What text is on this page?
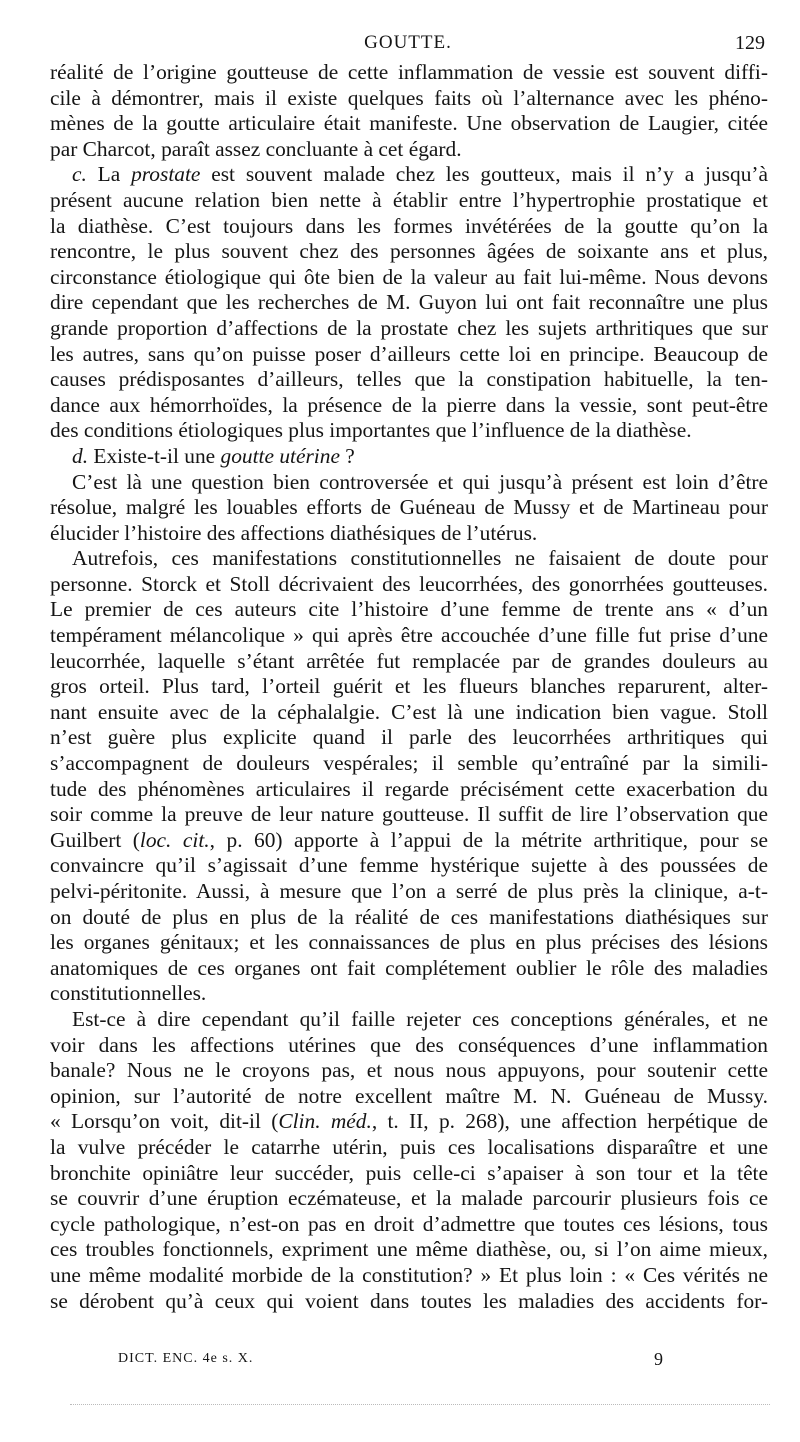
GOUTTE.	129
réalité de l’origine goutteuse de cette inflammation de vessie est souvent diffi-
cile à démontrer, mais il existe quelques faits où l’alternance avec les phéno-
mènes de la goutte articulaire était manifeste. Une observation de Laugier, citée
par Charcot, paraît assez concluante à cet égard.
c. La prostate est souvent malade chez les goutteux, mais il n’y a jusqu’à
présent aucune relation bien nette à établir entre l’hypertrophie prostatique et
la diathèse. C’est toujours dans les formes invétérées de la goutte qu’on la
rencontre, le plus souvent chez des personnes âgées de soixante ans et plus,
circonstance étiologique qui ôte bien de la valeur au fait lui-même. Nous devons
dire cependant que les recherches de M. Guyon lui ont fait reconnaître une plus
grande proportion d’affections de la prostate chez les sujets arthritiques que sur
les autres, sans qu’on puisse poser d’ailleurs cette loi en principe. Beaucoup de
causes prédisposantes d’ailleurs, telles que la constipation habituelle, la ten-
dance aux hémorrhoïdes, la présence de la pierre dans la vessie, sont peut-être
des conditions étiologiques plus importantes que l’influence de la diathèse.
d. Existe-t-il une goutte utérine ?
C’est là une question bien controversée et qui jusqu’à présent est loin d’être
résolue, malgré les louables efforts de Guéneau de Mussy et de Martineau pour
élucider l’histoire des affections diathésiques de l’utérus.
Autrefois, ces manifestations constitutionnelles ne faisaient de doute pour
personne. Storck et Stoll décrivaient des leucorrhées, des gonorrhées goutteuses.
Le premier de ces auteurs cite l’histoire d’une femme de trente ans « d’un
tempérament mélancolique » qui après être accouchée d’une fille fut prise d’une
leucorrhée, laquelle s’étant arrêtée fut remplacée par de grandes douleurs au
gros orteil. Plus tard, l’orteil guérit et les flueurs blanches reparurent, alter-
nant ensuite avec de la céphalalgie. C’est là une indication bien vague. Stoll
n’est guère plus explicite quand il parle des leucorrhées arthritiques qui
s’accompagnent de douleurs vespérales; il semble qu’entraîné par la simili-
tude des phénomènes articulaires il regarde précisément cette exacerbation du
soir comme la preuve de leur nature goutteuse. Il suffit de lire l’observation que
Guilbert (loc. cit., p. 60) apporte à l’appui de la métrite arthritique, pour se
convaincre qu’il s’agissait d’une femme hystérique sujette à des poussées de
pelvi-péritonite. Aussi, à mesure que l’on a serré de plus près la clinique, a-t-
on douté de plus en plus de la réalité de ces manifestations diathésiques sur
les organes génitaux; et les connaissances de plus en plus précises des lésions
anatomiques de ces organes ont fait complétement oublier le rôle des maladies
constitutionnelles.
Est-ce à dire cependant qu’il faille rejeter ces conceptions générales, et ne
voir dans les affections utérines que des conséquences d’une inflammation
banale? Nous ne le croyons pas, et nous nous appuyons, pour soutenir cette
opinion, sur l’autorité de notre excellent maître M. N. Guéneau de Mussy.
« Lorsqu’on voit, dit-il (Clin. méd., t. II, p. 268), une affection herpétique de
la vulve précéder le catarrhe utérin, puis ces localisations disparaître et une
bronchite opiniâtre leur succéder, puis celle-ci s’apaiser à son tour et la tête
se couvrir d’une éruption eczémateuse, et la malade parcourir plusieurs fois ce
cycle pathologique, n’est-on pas en droit d’admettre que toutes ces lésions, tous
ces troubles fonctionnels, expriment une même diathèse, ou, si l’on aime mieux,
une même modalité morbide de la constitution? » Et plus loin : « Ces vérités ne
se dérobent qu’à ceux qui voient dans toutes les maladies des accidents for-
DICT. ENC. 4e s. X.	9
